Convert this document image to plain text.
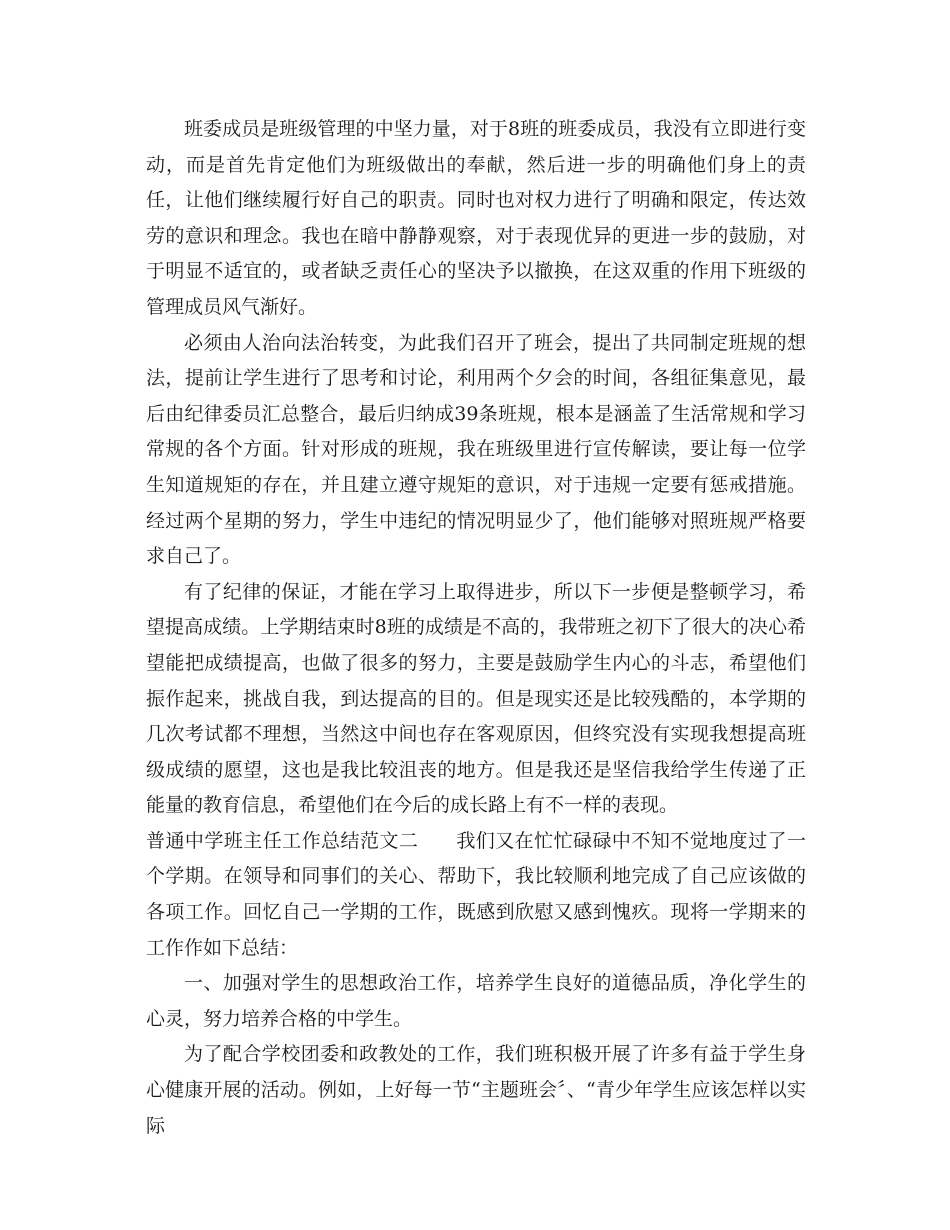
班委成员是班级管理的中坚力量，对于8班的班委成员，我没有立即进行变动，而是首先肯定他们为班级做出的奉献，然后进一步的明确他们身上的责任，让他们继续履行好自己的职责。同时也对权力进行了明确和限定，传达效劳的意识和理念。我也在暗中静静观察，对于表现优异的更进一步的鼓励，对于明显不适宜的，或者缺乏责任心的坚决予以撤换，在这双重的作用下班级的管理成员风气渐好。

必须由人治向法治转变，为此我们召开了班会，提出了共同制定班规的想法，提前让学生进行了思考和讨论，利用两个夕会的时间，各组征集意见，最后由纪律委员汇总整合，最后归纳成39条班规，根本是涵盖了生活常规和学习常规的各个方面。针对形成的班规，我在班级里进行宣传解读，要让每一位学生知道规矩的存在，并且建立遵守规矩的意识，对于违规一定要有惩戒措施。经过两个星期的努力，学生中违纪的情况明显少了，他们能够对照班规严格要求自己了。

有了纪律的保证，才能在学习上取得进步，所以下一步便是整顿学习，希望提高成绩。上学期结束时8班的成绩是不高的，我带班之初下了很大的决心希望能把成绩提高，也做了很多的努力，主要是鼓励学生内心的斗志，希望他们振作起来，挑战自我，到达提高的目的。但是现实还是比较残酷的，本学期的几次考试都不理想，当然这中间也存在客观原因，但终究没有实现我想提高班级成绩的愿望，这也是我比较沮丧的地方。但是我还是坚信我给学生传递了正能量的教育信息，希望他们在今后的成长路上有不一样的表现。

普通中学班主任工作总结范文二 我们又在忙忙碌碌中不知不觉地度过了一个学期。在领导和同事们的关心、帮助下，我比较顺利地完成了自己应该做的各项工作。回忆自己一学期的工作，既感到欣慰又感到愧疚。现将一学期来的工作作如下总结：

一、加强对学生的思想政治工作，培养学生良好的道德品质，净化学生的心灵，努力培养合格的中学生。

为了配合学校团委和政教处的工作，我们班积极开展了许多有益于学生身心健康开展的活动。例如，上好每一节“主题班会〞、“青少年学生应该怎样以实际
